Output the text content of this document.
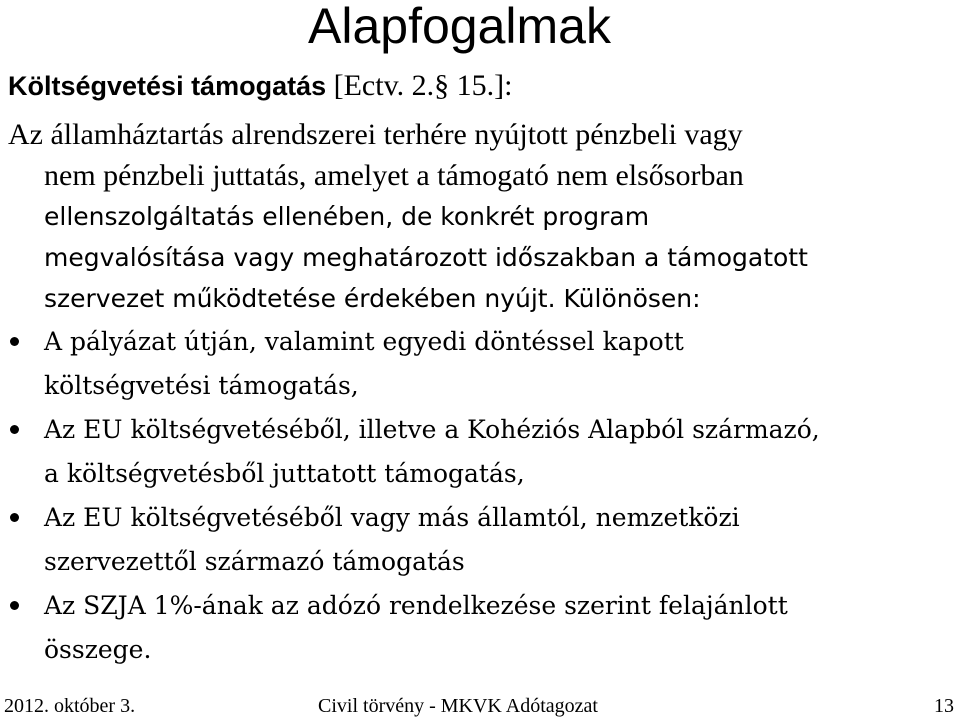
Alapfogalmak
Költségvetési támogatás [Ectv. 2.§ 15.]:
Az államháztartás alrendszerei terhére nyújtott pénzbeli vagy
nem pénzbeli juttatás, amelyet a támogató nem elsősorban
ellenszolgáltatás ellenében, de konkrét program
megvalósítása vagy meghatározott időszakban a támogatott
szervezet működtetése érdekében nyújt. Különösen:
A pályázat útján, valamint egyedi döntéssel kapott
költségvetési támogatás,
Az EU költségvetéséből, illetve a Kohéziós Alapból származó,
a költségvetésből juttatott támogatás,
Az EU költségvetéséből vagy más államtól, nemzetközi
szervezettől származó támogatás
Az SZJA 1%-ának az adózó rendelkezése szerint felajánlott
összege.
2012. október 3.	Civil törvény - MKVK Adótagozat	13
